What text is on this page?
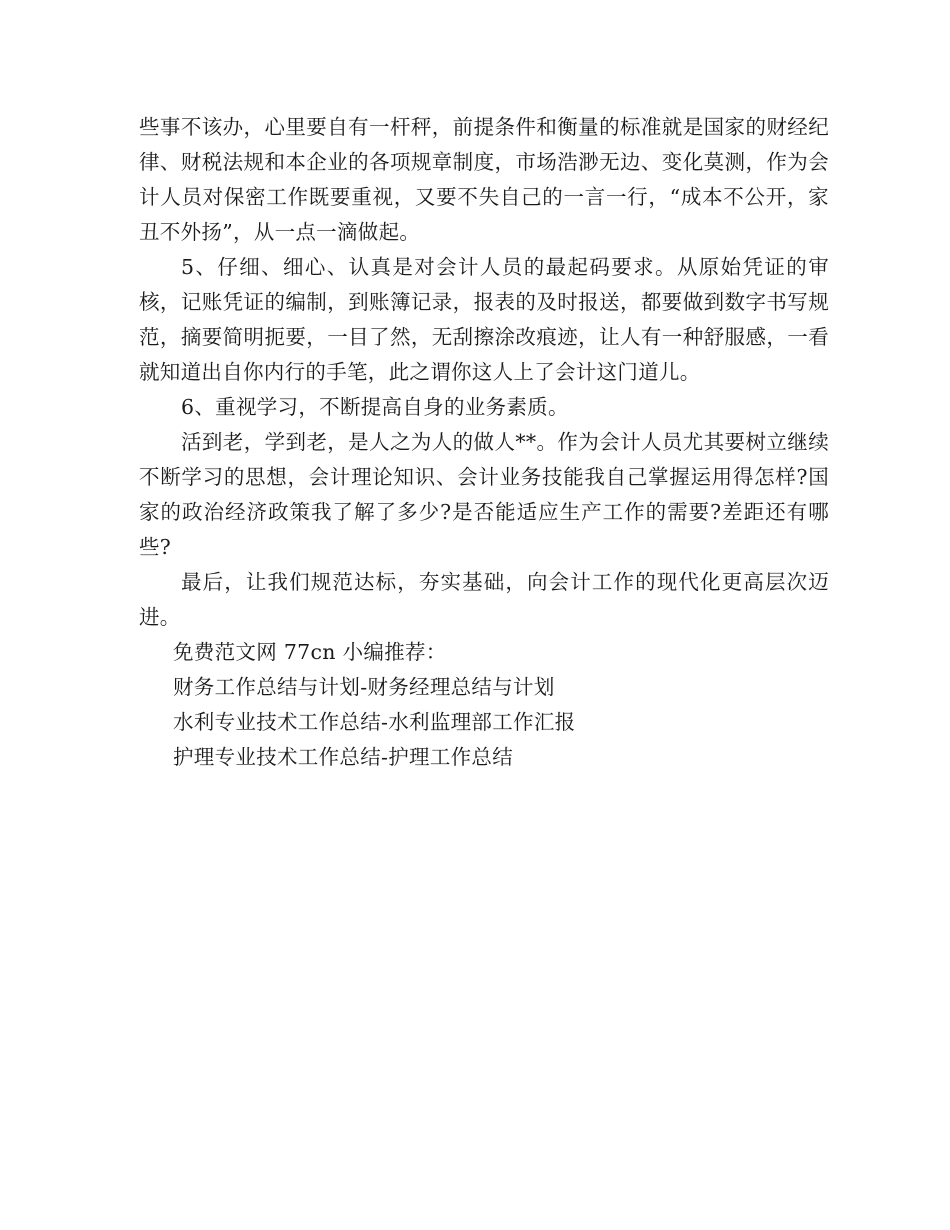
些事不该办，心里要自有一杆秤，前提条件和衡量的标准就是国家的财经纪律、财税法规和本企业的各项规章制度，市场浩渺无边、变化莫测，作为会计人员对保密工作既要重视，又要不失自己的一言一行，“成本不公开，家丑不外扬”，从一点一滴做起。

5、仔细、细心、认真是对会计人员的最起码要求。从原始凭证的审核，记账凭证的编制，到账簿记录，报表的及时报送，都要做到数字书写规范，摘要简明扼要，一目了然，无刮擦涂改痕迹，让人有一种舒服感，一看就知道出自你内行的手笔，此之谓你这人上了会计这门道儿。

6、重视学习，不断提高自身的业务素质。

活到老，学到老，是人之为人的做人**。作为会计人员尤其要树立继续不断学习的思想，会计理论知识、会计业务技能我自己掌握运用得怎样?国家的政治经济政策我了解了多少?是否能适应生产工作的需要?差距还有哪些?

最后，让我们规范达标，夯实基础，向会计工作的现代化更高层次迈进。

免费范文网 77cn 小编推荐：
财务工作总结与计划-财务经理总结与计划
水利专业技术工作总结-水利监理部工作汇报
护理专业技术工作总结-护理工作总结
